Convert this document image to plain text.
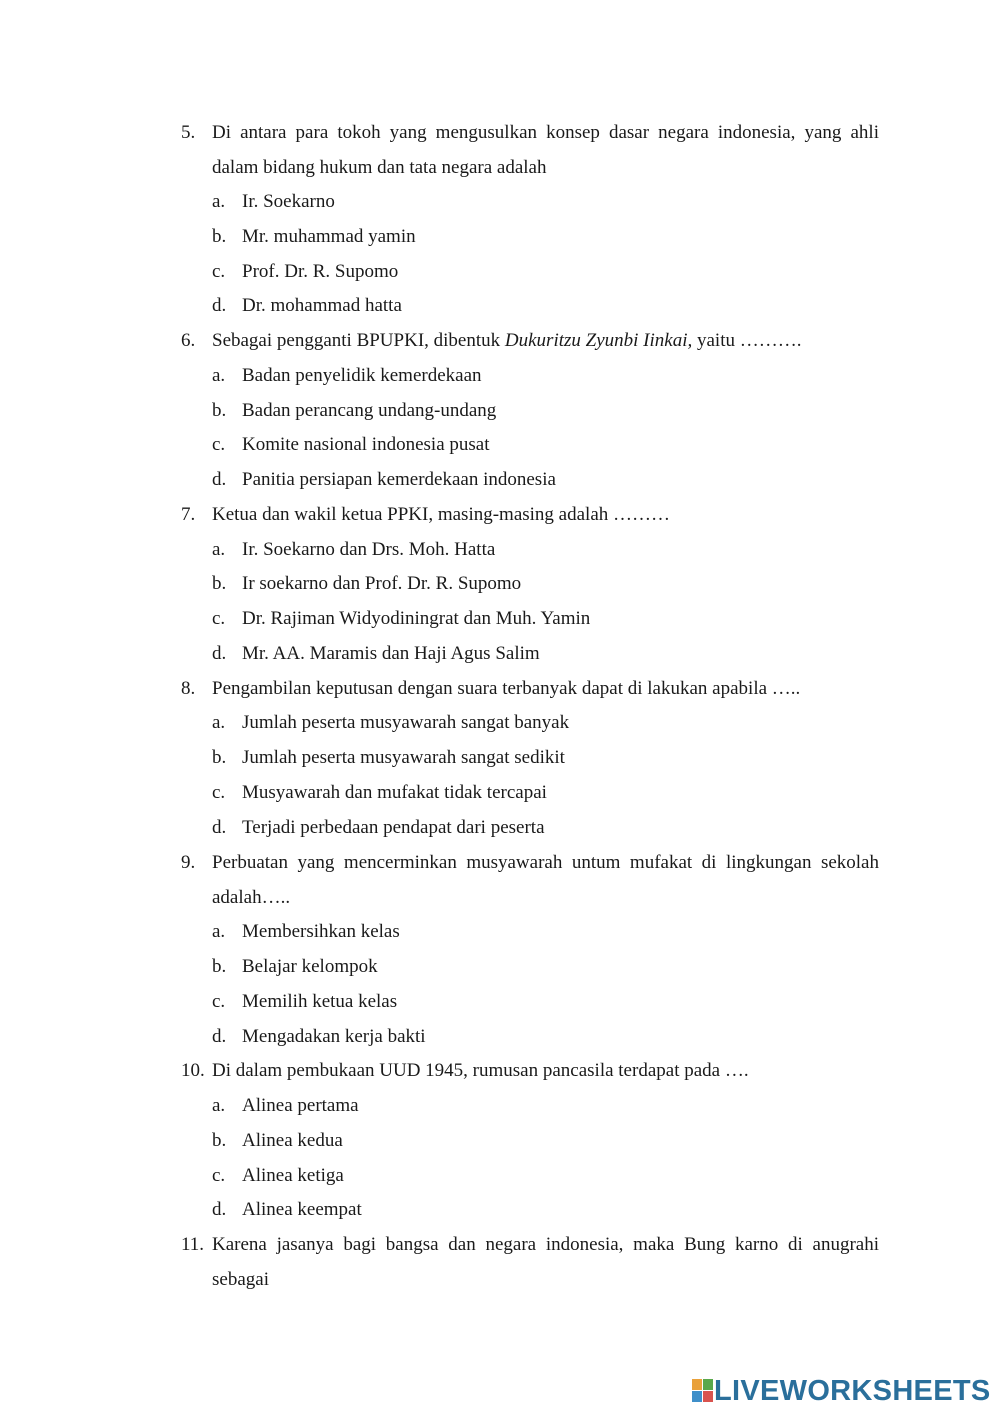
5. Di antara para tokoh yang mengusulkan konsep dasar negara indonesia, yang ahli dalam bidang hukum dan tata negara adalah
a. Ir. Soekarno
b. Mr. muhammad yamin
c. Prof. Dr. R. Supomo
d. Dr. mohammad hatta
6. Sebagai pengganti BPUPKI, dibentuk Dukuritzu Zyunbi Iinkai, yaitu ……….
a. Badan penyelidik kemerdekaan
b. Badan perancang undang-undang
c. Komite nasional indonesia pusat
d. Panitia persiapan kemerdekaan indonesia
7. Ketua dan wakil ketua PPKI, masing-masing adalah ………
a. Ir. Soekarno dan Drs. Moh. Hatta
b. Ir soekarno dan Prof. Dr. R. Supomo
c. Dr. Rajiman Widyodiningrat dan Muh. Yamin
d. Mr. AA. Maramis dan Haji Agus Salim
8. Pengambilan keputusan dengan suara terbanyak dapat di lakukan apabila …..
a. Jumlah peserta musyawarah sangat banyak
b. Jumlah peserta musyawarah sangat sedikit
c. Musyawarah dan mufakat tidak tercapai
d. Terjadi perbedaan pendapat dari peserta
9. Perbuatan yang mencerminkan musyawarah untum mufakat di lingkungan sekolah adalah…..
a. Membersihkan kelas
b. Belajar kelompok
c. Memilih ketua kelas
d. Mengadakan kerja bakti
10. Di dalam pembukaan UUD 1945, rumusan pancasila terdapat pada ….
a. Alinea pertama
b. Alinea kedua
c. Alinea ketiga
d. Alinea keempat
11. Karena jasanya bagi bangsa dan negara indonesia, maka Bung karno di anugrahi sebagai
LIVEWORKSHEETS
